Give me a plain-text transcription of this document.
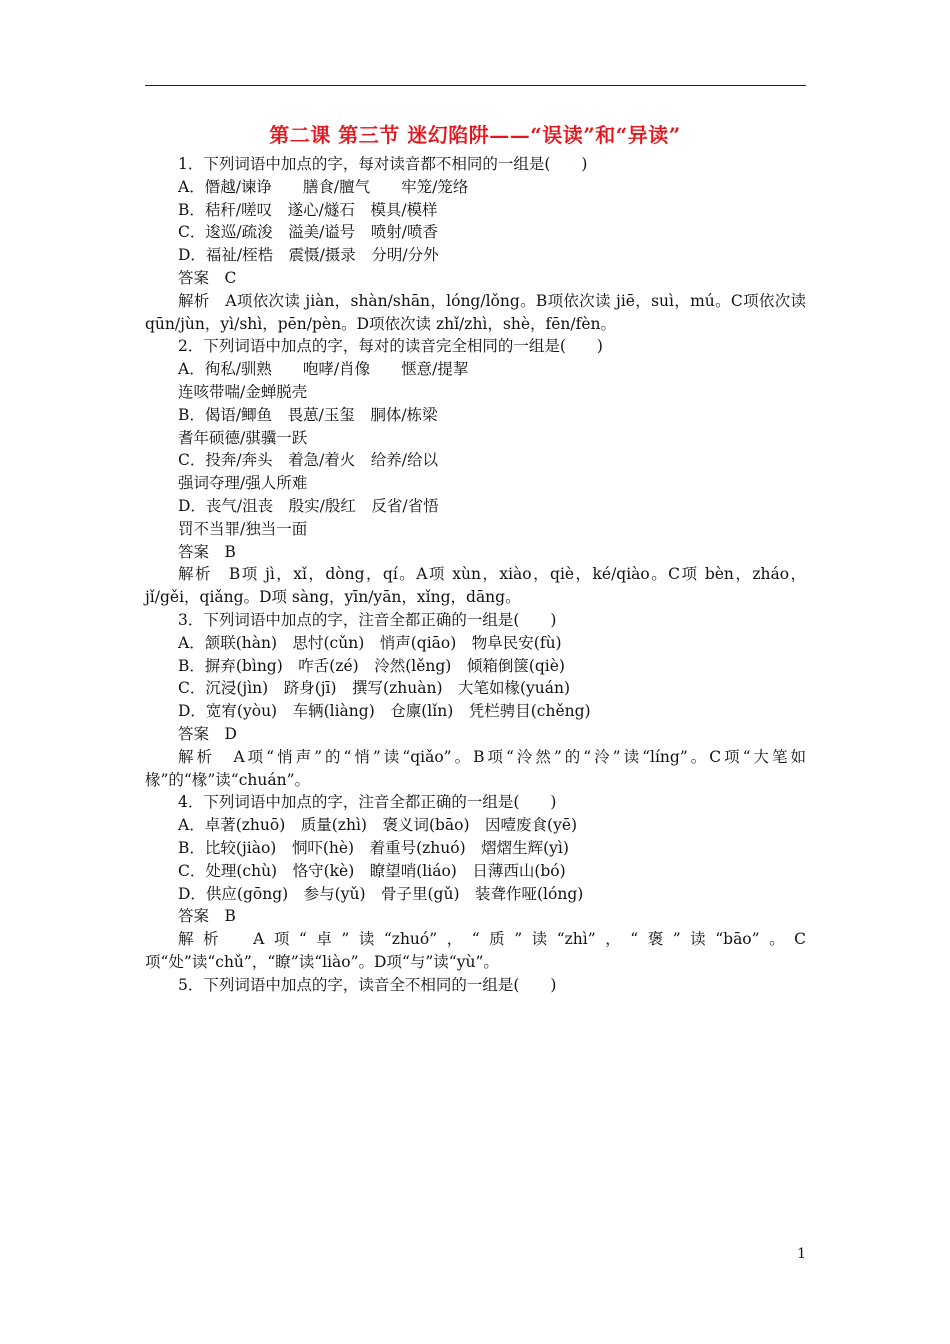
第二课 第三节 迷幻陷阱——“误读”和“异读”

1．下列词语中加点的字，每对读音都不相同的一组是(　　)

A．僭越/谏诤　　膳食/膻气　　牢笼/笼络

B．秸秆/嗟叹　遂心/燧石　模具/模样

C．逡巡/疏浚　溢美/谥号　喷射/喷香

D．福祉/桎梏　震慑/摄录　分明/分外

答案　C

解析　A项依次读 jiàn，shàn/shān，lóng/lǒng。B项依次读 jiē，suì，mú。C项依次读 qūn/jùn，yì/shì，pēn/pèn。D项依次读 zhǐ/zhì，shè，fēn/fèn。

2．下列词语中加点的字，每对的读音完全相同的一组是(　　)

A．徇私/驯熟　　咆哮/肖像　　惬意/提挈

连咳带喘/金蝉脱壳

B．偈语/鲫鱼　畏葸/玉玺　胴体/栋梁

耆年硕德/骐骥一跃

C．投奔/奔头　着急/着火　给养/给以

强词夺理/强人所难

D．丧气/沮丧　殷实/殷红　反省/省悟

罚不当罪/独当一面

答案　B

解析　B项 jì，xǐ，dòng，qí。A项 xùn，xiào，qiè，ké/qiào。C项 bèn，zháo，jǐ/gěi，qiǎng。D项 sàng，yīn/yān，xǐng，dāng。

3．下列词语中加点的字，注音全都正确的一组是(　　)

A．颔联(hàn)　思忖(cǔn)　悄声(qiāo)　物阜民安(fù)

B．摒弃(bìng)　咋舌(zé)　泠然(lěng)　倾箱倒箧(qiè)

C．沉浸(jìn)　跻身(jī)　撰写(zhuàn)　大笔如椽(yuán)

D．宽宥(yòu)　车辆(liàng)　仓廪(lǐn)　凭栏骋目(chěng)

答案　D

解析　A项“悄声”的“悄”读“qiǎo”。B项“泠然”的“泠”读“líng”。C项“大笔如椽”的“椽”读“chuán”。

4．下列词语中加点的字，注音全都正确的一组是(　　)

A．卓著(zhuō)　质量(zhì)　褒义词(bāo)　因噎废食(yē)

B．比较(jiào)　恫吓(hè)　着重号(zhuó)　熠熠生辉(yì)

C．处理(chù)　恪守(kè)　瞭望哨(liáo)　日薄西山(bó)

D．供应(gōng)　参与(yǔ)　骨子里(gǔ)　装聋作哑(lóng)

答案　B

解析　A项“卓”读“zhuó”，“质”读“zhì”，“褒”读“bāo”。C项“处”读“chǔ”，“瞭”读“liào”。D项“与”读“yù”。

5．下列词语中加点的字，读音全不相同的一组是(　　)

1
